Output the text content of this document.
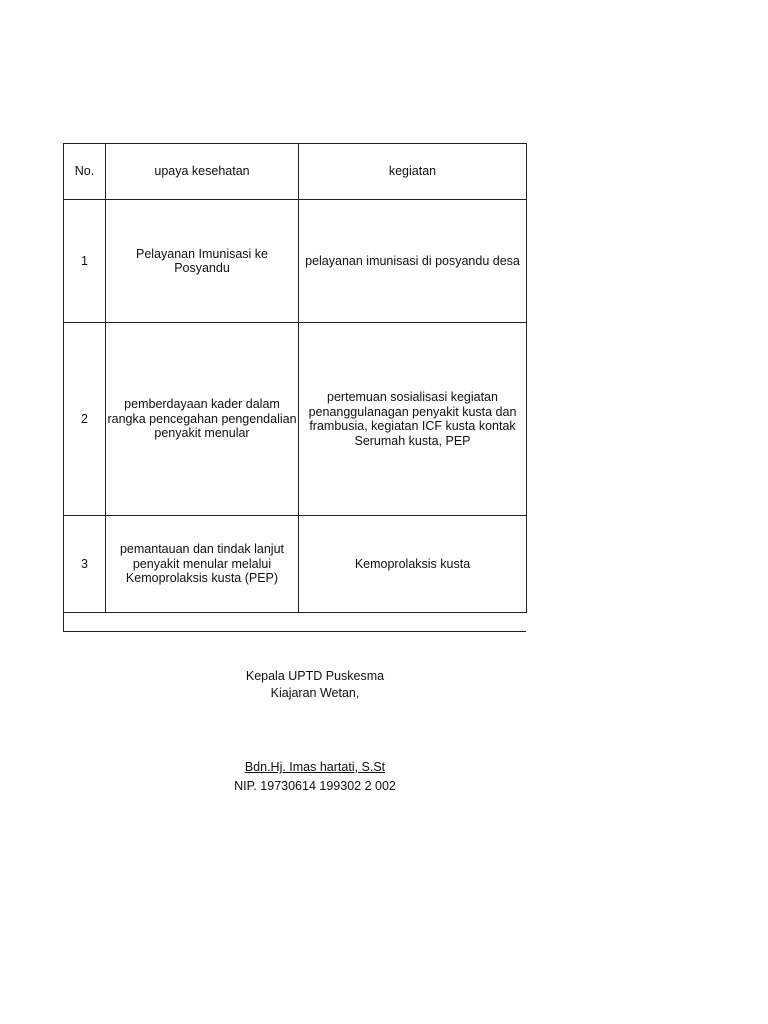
No.	upaya kesehatan	kegiatan
1	Pelayanan Imunisasi ke Posyandu	pelayanan imunisasi di posyandu desa
2	pemberdayaan kader dalam rangka pencegahan pengendalian penyakit menular	pertemuan sosialisasi kegiatan penanggulanagan penyakit kusta dan frambusia, kegiatan ICF kusta kontak Serumah kusta, PEP
3	pemantauan dan tindak lanjut penyakit menular melalui Kemoprolaksis kusta (PEP)	Kemoprolaksis kusta
Kepala UPTD Puskesma
Kiajaran Wetan,
Bdn.Hj. Imas hartati, S.St
NIP. 19730614 199302 2 002
